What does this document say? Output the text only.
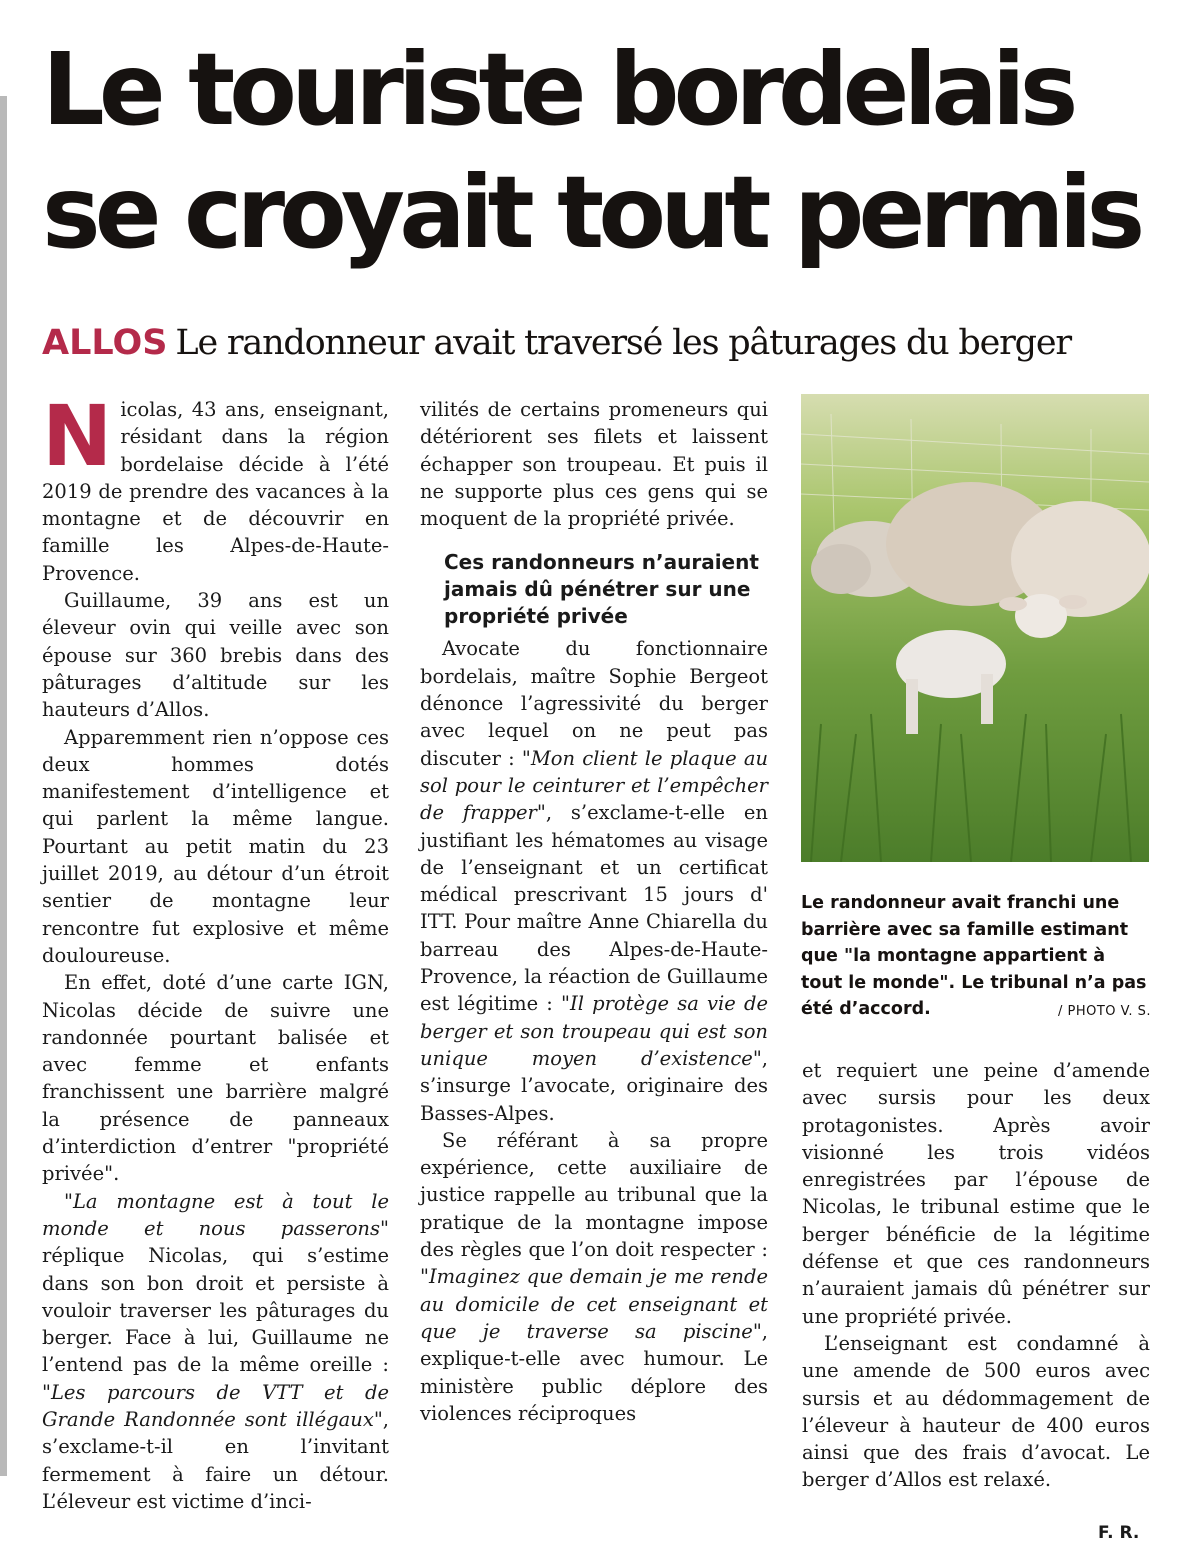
Le touriste bordelais
se croyait tout permis
ALLOS Le randonneur avait traversé les pâturages du berger

Nicolas, 43 ans, enseignant, résidant dans la région bordelaise décide à l’été 2019 de prendre des vacances à la montagne et de découvrir en famille les Alpes-de-Haute-Provence.

Guillaume, 39 ans est un éleveur ovin qui veille avec son épouse sur 360 brebis dans des pâturages d’altitude sur les hauteurs d’Allos.

Apparemment rien n’oppose ces deux hommes dotés manifestement d’intelligence et qui parlent la même langue. Pourtant au petit matin du 23 juillet 2019, au détour d’un étroit sentier de montagne leur rencontre fut explosive et même douloureuse.

En effet, doté d’une carte IGN, Nicolas décide de suivre une randonnée pourtant balisée et avec femme et enfants franchissent une barrière malgré la présence de panneaux d’interdiction d’entrer "propriété privée".

"La montagne est à tout le monde et nous passerons" réplique Nicolas, qui s’estime dans son bon droit et persiste à vouloir traverser les pâturages du berger. Face à lui, Guillaume ne l’entend pas de la même oreille : "Les parcours de VTT et de Grande Randonnée sont illégaux", s’exclame-t-il en l’invitant fermement à faire un détour. L’éleveur est victime d’inci-

vilités de certains promeneurs qui détériorent ses filets et laissent échapper son troupeau. Et puis il ne supporte plus ces gens qui se moquent de la propriété privée.

Ces randonneurs n’auraient jamais dû pénétrer sur une propriété privée

Avocate du fonctionnaire bordelais, maître Sophie Bergeot dénonce l’agressivité du berger avec lequel on ne peut pas discuter : "Mon client le plaque au sol pour le ceinturer et l’empêcher de frapper", s’exclame-t-elle en justifiant les hématomes au visage de l’enseignant et un certificat médical prescrivant 15 jours d' ITT. Pour maître Anne Chiarella du barreau des Alpes-de-Haute-Provence, la réaction de Guillaume est légitime : "Il protège sa vie de berger et son troupeau qui est son unique moyen d’existence", s’insurge l’avocate, originaire des Basses-Alpes.

Se référant à sa propre expérience, cette auxiliaire de justice rappelle au tribunal que la pratique de la montagne impose des règles que l’on doit respecter : "Imaginez que demain je me rende au domicile de cet enseignant et que je traverse sa piscine", explique-t-elle avec humour. Le ministère public déplore des violences réciproques

Le randonneur avait franchi une barrière avec sa famille estimant que "la montagne appartient à tout le monde". Le tribunal n’a pas été d’accord.	/ PHOTO V. S.

et requiert une peine d’amende avec sursis pour les deux protagonistes. Après avoir visionné les trois vidéos enregistrées par l’épouse de Nicolas, le tribunal estime que le berger bénéficie de la légitime défense et que ces randonneurs n’auraient jamais dû pénétrer sur une propriété privée.

L’enseignant est condamné à une amende de 500 euros avec sursis et au dédommagement de l’éleveur à hauteur de 400 euros ainsi que des frais d’avocat. Le berger d’Allos est relaxé.

F. R.
